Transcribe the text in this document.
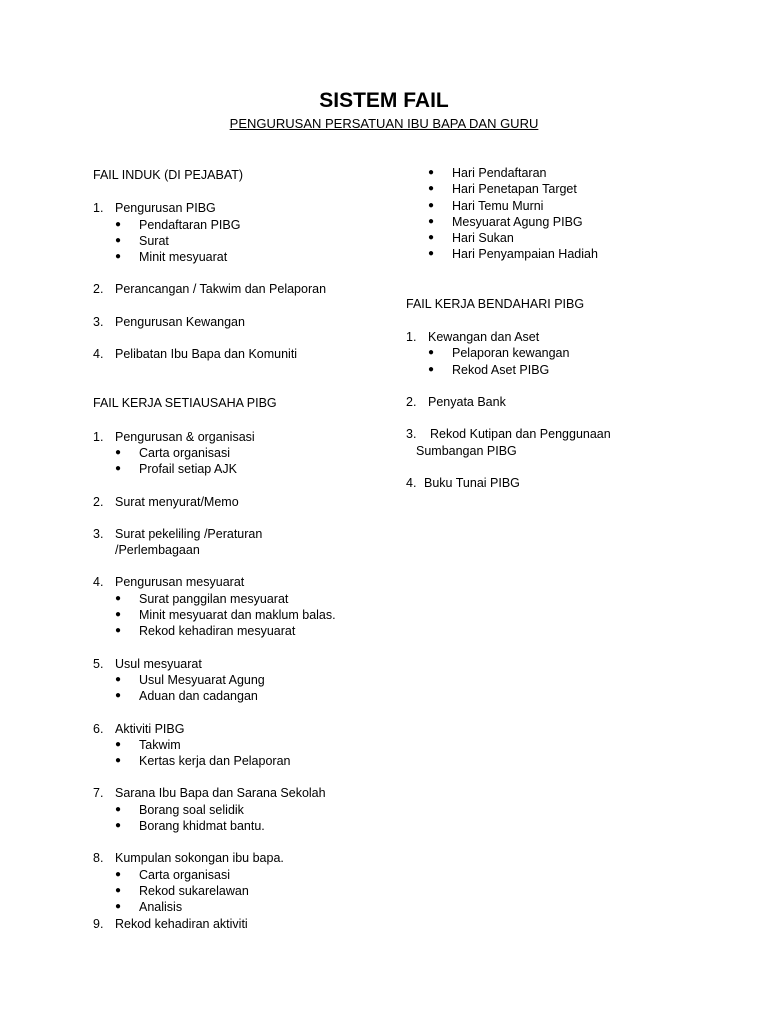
SISTEM FAIL
PENGURUSAN PERSATUAN IBU BAPA DAN GURU
FAIL INDUK (DI PEJABAT)
1. Pengurusan PIBG
● Pendaftaran PIBG
● Surat
● Minit mesyuarat
2. Perancangan / Takwim dan Pelaporan
3. Pengurusan Kewangan
4. Pelibatan Ibu Bapa dan Komuniti
FAIL KERJA SETIAUSAHA PIBG
1. Pengurusan & organisasi
● Carta organisasi
● Profail setiap AJK
2. Surat menyurat/Memo
3. Surat pekeliling /Peraturan
/Perlembagaan
4. Pengurusan mesyuarat
● Surat panggilan mesyuarat
● Minit mesyuarat dan maklum balas.
● Rekod kehadiran mesyuarat
5. Usul mesyuarat
● Usul Mesyuarat Agung
● Aduan dan cadangan
6. Aktiviti PIBG
● Takwim
● Kertas kerja dan Pelaporan
7. Sarana Ibu Bapa dan Sarana Sekolah
● Borang soal selidik
● Borang khidmat bantu.
8. Kumpulan sokongan ibu bapa.
● Carta organisasi
● Rekod sukarelawan
● Analisis
9. Rekod kehadiran aktiviti
● Hari Pendaftaran
● Hari Penetapan Target
● Hari Temu Murni
● Mesyuarat Agung PIBG
● Hari Sukan
● Hari Penyampaian Hadiah
FAIL KERJA BENDAHARI PIBG
1. Kewangan dan Aset
● Pelaporan kewangan
● Rekod Aset PIBG
2. Penyata Bank
3. Rekod Kutipan dan Penggunaan
Sumbangan PIBG
4. Buku Tunai PIBG
